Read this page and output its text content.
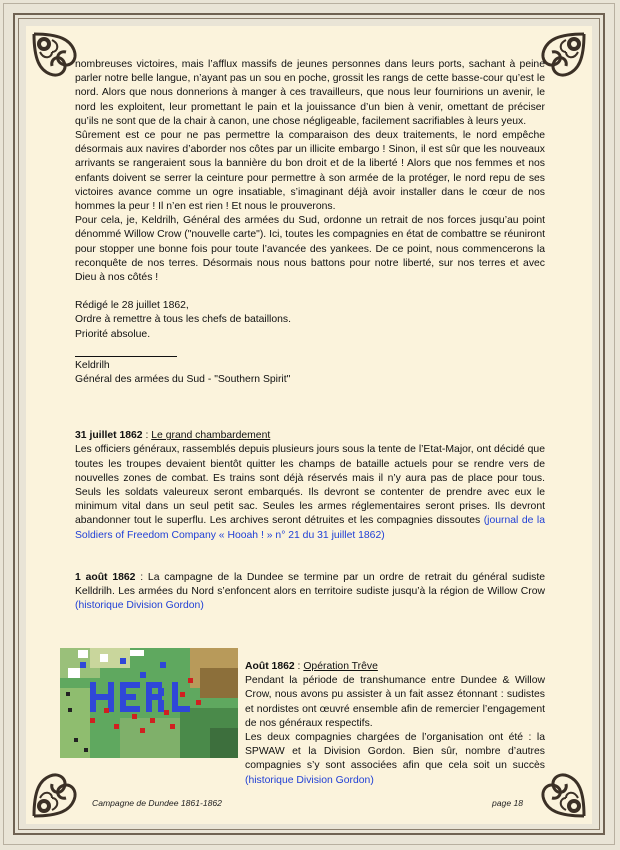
nombreuses victoires, mais l’afflux massifs de jeunes personnes dans leurs ports, sachant à peine parler notre belle langue, n’ayant pas un sou en poche, grossit les rangs de cette basse-cour qu’est le nord. Alors que nous donnerions à manger à ces travailleurs, que nous leur fournirions un avenir, le nord les exploitent, leur promettant le pain et la jouissance d’un bien à venir, omettant de préciser qu’ils ne sont que de la chair à canon, une chose négligeable, facilement sacrifiables à leurs yeux.

Sûrement est ce pour ne pas permettre la comparaison des deux traitements, le nord empêche désormais aux navires d’aborder nos côtes par un illicite embargo ! Sinon, il est sûr que les nouveaux arrivants se rangeraient sous la bannière du bon droit et de la liberté ! Alors que nos femmes et nos enfants doivent se serrer la ceinture pour permettre à son armée de la protéger, le nord repu de ses victoires avance comme un ogre insatiable, s’imaginant déjà avoir installer dans le cœur de nos hommes la peur ! Il n’en est rien ! Et nous le prouverons.

Pour cela, je, Keldrilh, Général des armées du Sud, ordonne un retrait de nos forces jusqu’au point dénommé Willow Crow ("nouvelle carte"). Ici, toutes les compagnies en état de combattre se réuniront pour stopper une bonne fois pour toute l’avancée des yankees. De ce point, nous commencerons la reconquête de nos terres. Désormais nous nous battons pour notre liberté, sur nos terres et avec Dieu à nos côtés !

Rédigé le 28 juillet 1862,

Ordre à remettre à tous les chefs de bataillons.

Priorité absolue.

Keldrilh

Général des armées du Sud - "Southern Spirit"

31 juillet 1862 : Le grand chambardement

Les officiers généraux, rassemblés depuis plusieurs jours sous la tente de l’Etat-Major, ont décidé que toutes les troupes devaient bientôt quitter les champs de bataille actuels pour se rendre vers de nouvelles zones de combat. Es trains sont déjà réservés mais il n’y aura pas de place pour tous. Seuls les soldats valeureux seront embarqués. Ils devront se contenter de prendre avec eux le minimum vital dans un seul petit sac. Seules les armes réglementaires seront prises. Ils devront abandonner tout le superflu. Les archives seront détruites et les compagnies dissoutes (journal de la Soldiers of Freedom Company « Hooah ! » n° 21 du 31 juillet 1862)

1 août 1862 : La campagne de la Dundee se termine par un ordre de retrait du général sudiste Kelldrilh. Les armées du Nord s’enfoncent alors en territoire sudiste jusqu’à la région de Willow Crow (historique Division Gordon)

Août 1862 : Opération Trêve

Pendant la période de transhumance entre Dundee & Willow Crow, nous avons pu assister à un fait assez étonnant : sudistes et nordistes ont œuvré ensemble afin de remercier l’engagement de nos généraux respectifs.

Les deux compagnies chargées de l’organisation ont été : la SPWAW et la Division Gordon. Bien sûr, nombre d’autres compagnies s’y sont associées afin que cela soit un succès (historique Division Gordon)

Campagne de Dundee 1861-1862	page 18
